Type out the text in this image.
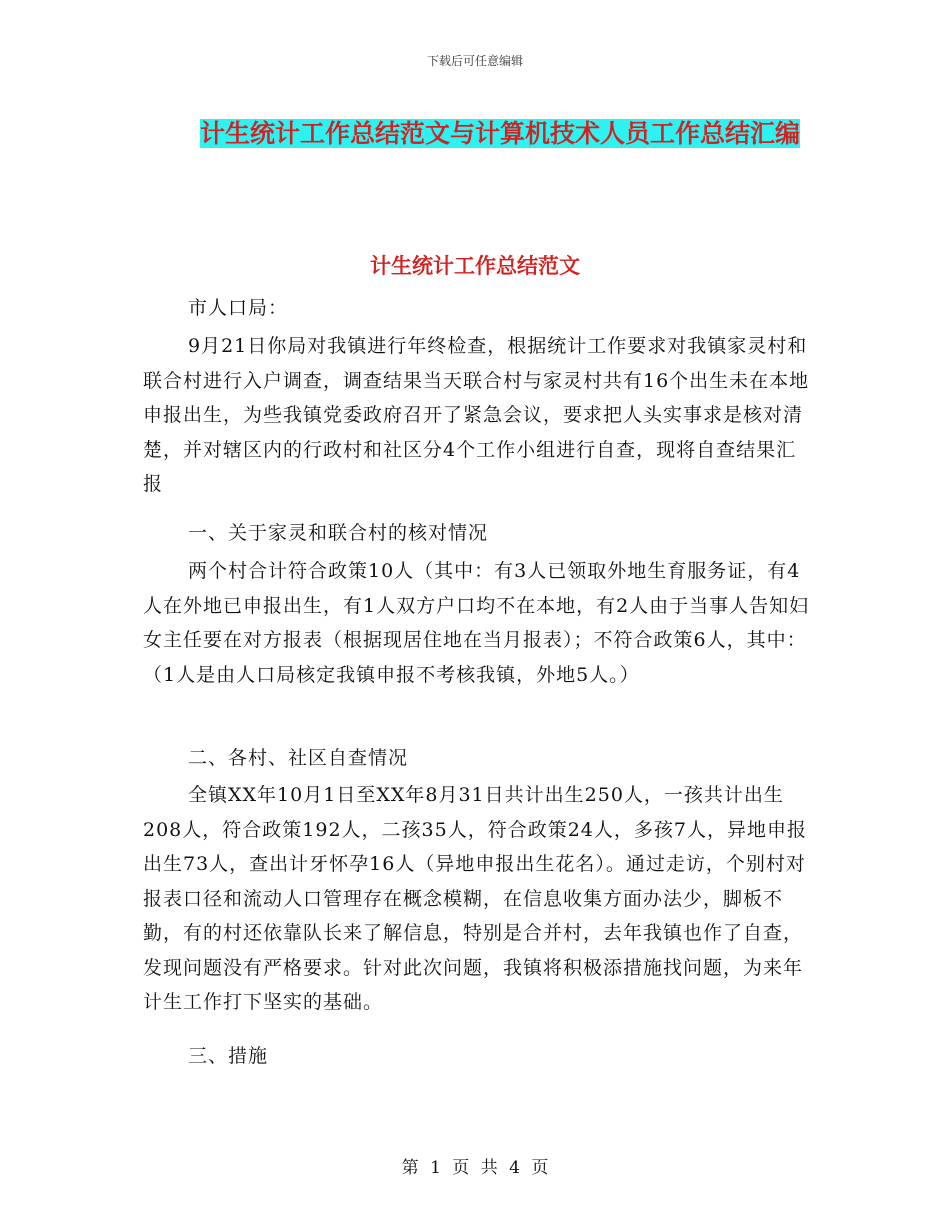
下载后可任意编辑
计生统计工作总结范文与计算机技术人员工作总结汇编
计生统计工作总结范文
市人口局：
9月21日你局对我镇进行年终检查，根据统计工作要求对我镇家灵村和联合村进行入户调查，调查结果当天联合村与家灵村共有16个出生未在本地申报出生，为些我镇党委政府召开了紧急会议，要求把人头实事求是核对清楚，并对辖区内的行政村和社区分4个工作小组进行自查，现将自查结果汇报
一、关于家灵和联合村的核对情况
两个村合计符合政策10人（其中：有3人已领取外地生育服务证，有4人在外地已申报出生，有1人双方户口均不在本地，有2人由于当事人告知妇女主任要在对方报表（根据现居住地在当月报表）；不符合政策6人，其中：（1人是由人口局核定我镇申报不考核我镇，外地5人。）
二、各村、社区自查情况
全镇XX年10月1日至XX年8月31日共计出生250人，一孩共计出生208人，符合政策192人，二孩35人，符合政策24人，多孩7人，异地申报出生73人，查出计牙怀孕16人（异地申报出生花名）。通过走访，个别村对报表口径和流动人口管理存在概念模糊，在信息收集方面办法少，脚板不勤，有的村还依靠队长来了解信息，特别是合并村，去年我镇也作了自查，发现问题没有严格要求。针对此次问题，我镇将积极添措施找问题，为来年计生工作打下坚实的基础。
三、措施
第 1 页 共 4 页
